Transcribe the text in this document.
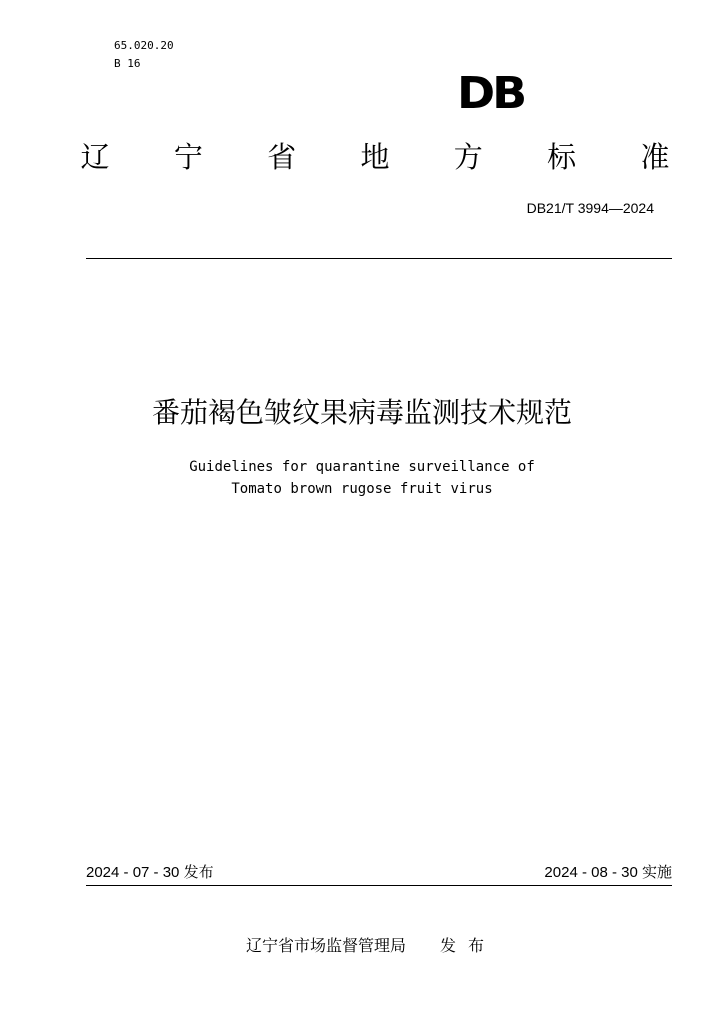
65.020.20
B 16
DB
辽 宁 省 地 方 标 准
DB21/T 3994—2024
番茄褐色皱纹果病毒监测技术规范
Guidelines for quarantine surveillance of
Tomato brown rugose fruit virus
2024 - 07 - 30 发布	2024 - 08 - 30 实施
辽宁省市场监督管理局 发布
